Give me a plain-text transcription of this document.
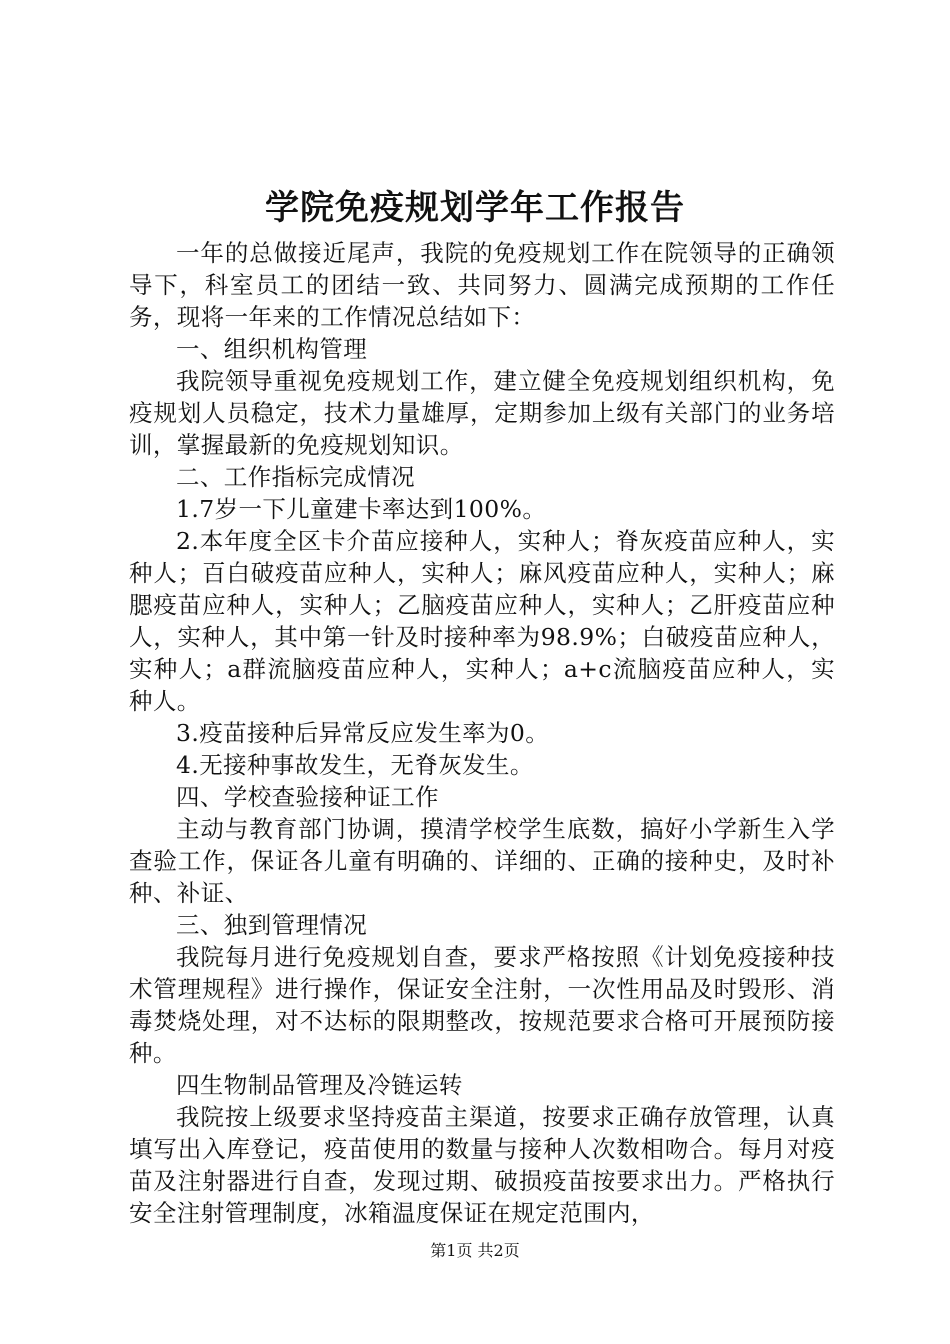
学院免疫规划学年工作报告

一年的总做接近尾声，我院的免疫规划工作在院领导的正确领导下，科室员工的团结一致、共同努力、圆满完成预期的工作任务，现将一年来的工作情况总结如下：

一、组织机构管理

我院领导重视免疫规划工作，建立健全免疫规划组织机构，免疫规划人员稳定，技术力量雄厚，定期参加上级有关部门的业务培训，掌握最新的免疫规划知识。

二、工作指标完成情况

1.7岁一下儿童建卡率达到100%。

2.本年度全区卡介苗应接种人，实种人；脊灰疫苗应种人，实种人；百白破疫苗应种人，实种人；麻风疫苗应种人，实种人；麻腮疫苗应种人，实种人；乙脑疫苗应种人，实种人；乙肝疫苗应种人，实种人，其中第一针及时接种率为98.9%；白破疫苗应种人，实种人；a群流脑疫苗应种人，实种人；a+c流脑疫苗应种人，实种人。

3.疫苗接种后异常反应发生率为0。

4.无接种事故发生，无脊灰发生。

四、学校查验接种证工作

主动与教育部门协调，摸清学校学生底数，搞好小学新生入学查验工作，保证各儿童有明确的、详细的、正确的接种史，及时补种、补证、

三、独到管理情况

我院每月进行免疫规划自查，要求严格按照《计划免疫接种技术管理规程》进行操作，保证安全注射，一次性用品及时毁形、消毒焚烧处理，对不达标的限期整改，按规范要求合格可开展预防接种。

四生物制品管理及冷链运转

我院按上级要求坚持疫苗主渠道，按要求正确存放管理，认真填写出入库登记，疫苗使用的数量与接种人次数相吻合。每月对疫苗及注射器进行自查，发现过期、破损疫苗按要求出力。严格执行安全注射管理制度，冰箱温度保证在规定范围内，

第1页 共2页
